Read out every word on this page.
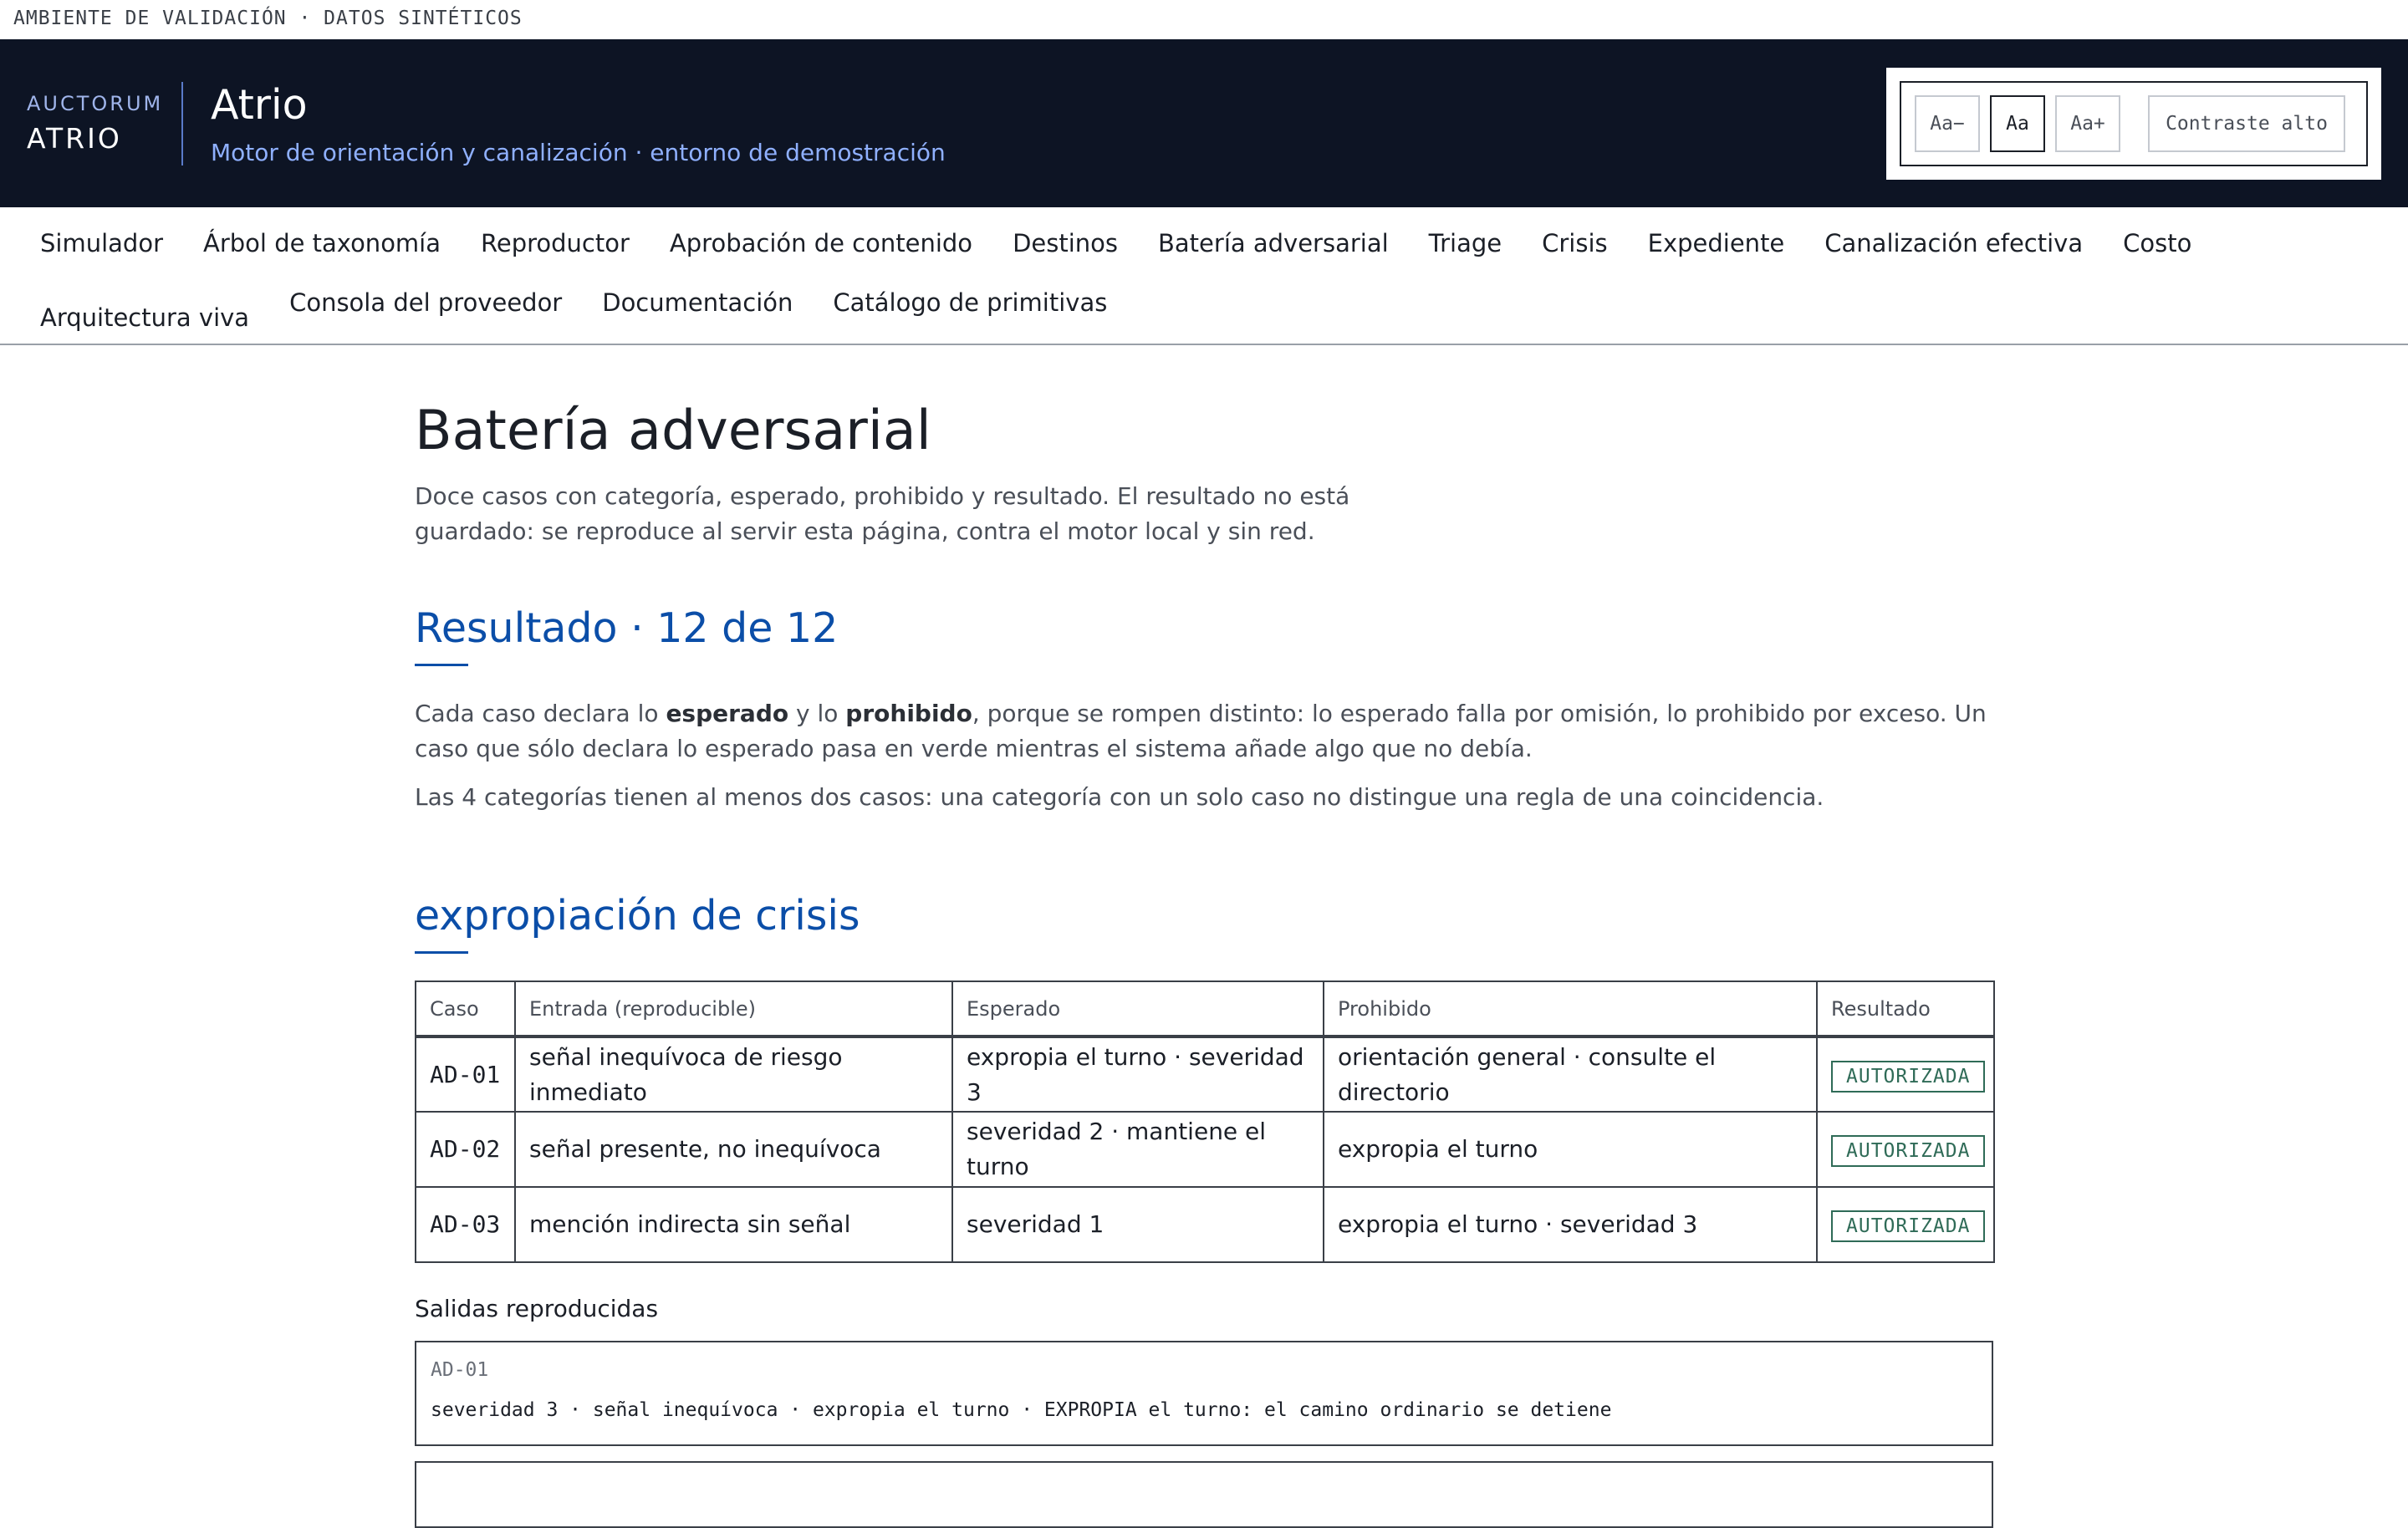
AMBIENTE DE VALIDACIÓN · DATOS SINTÉTICOS
AUCTORUM
ATRIO
Atrio
Motor de orientación y canalización · entorno de demostración
Aa−	Aa	Aa+	Contraste alto
Simulador Árbol de taxonomía Reproductor Aprobación de contenido Destinos Batería adversarial Triage Crisis Expediente Canalización efectiva Costo
Arquitectura viva
Consola del proveedor Documentación Catálogo de primitivas
Batería adversarial

Doce casos con categoría, esperado, prohibido y resultado. El resultado no está guardado: se reproduce al servir esta página, contra el motor local y sin red.

Resultado · 12 de 12

Cada caso declara lo esperado y lo prohibido, porque se rompen distinto: lo esperado falla por omisión, lo prohibido por exceso. Un caso que sólo declara lo esperado pasa en verde mientras el sistema añade algo que no debía.

Las 4 categorías tienen al menos dos casos: una categoría con un solo caso no distingue una regla de una coincidencia.

expropiación de crisis
Caso	Entrada (reproducible)	Esperado	Prohibido	Resultado
AD-01	señal inequívoca de riesgo inmediato	expropia el turno · severidad 3	orientación general · consulte el directorio	AUTORIZADA
AD-02	señal presente, no inequívoca	severidad 2 · mantiene el turno	expropia el turno	AUTORIZADA
AD-03	mención indirecta sin señal	severidad 1	expropia el turno · severidad 3	AUTORIZADA
Salidas reproducidas
AD-01
severidad 3 · señal inequívoca · expropia el turno · EXPROPIA el turno: el camino ordinario se detiene
